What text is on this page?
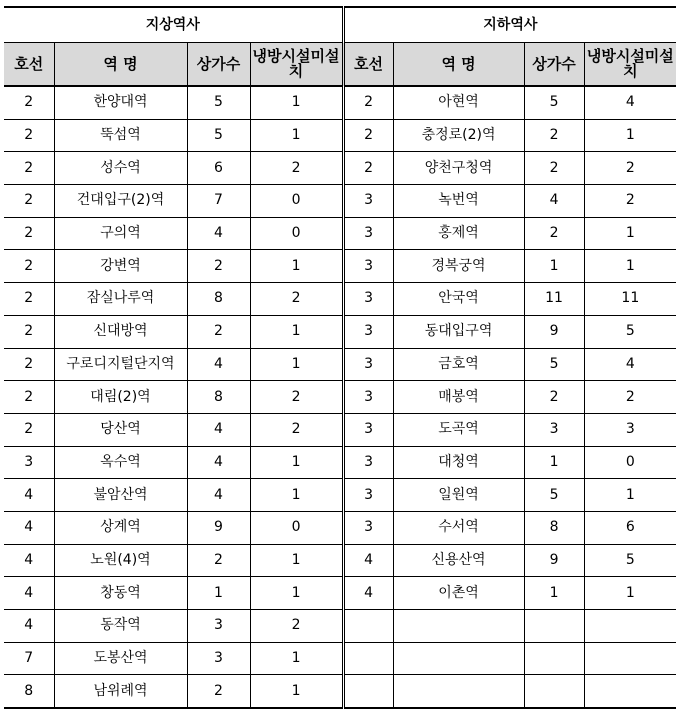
지상역사				지하역사			
호선	역 명	상가수	냉방시설미설치	호선	역 명	상가수	냉방시설미설치
2	한양대역	5	1	2	아현역	5	4
2	뚝섬역	5	1	2	충정로(2)역	2	1
2	성수역	6	2	2	양천구청역	2	2
2	건대입구(2)역	7	0	3	녹번역	4	2
2	구의역	4	0	3	홍제역	2	1
2	강변역	2	1	3	경복궁역	1	1
2	잠실나루역	8	2	3	안국역	11	11
2	신대방역	2	1	3	동대입구역	9	5
2	구로디지털단지역	4	1	3	금호역	5	4
2	대림(2)역	8	2	3	매봉역	2	2
2	당산역	4	2	3	도곡역	3	3
3	옥수역	4	1	3	대청역	1	0
4	불암산역	4	1	3	일원역	5	1
4	상계역	9	0	3	수서역	8	6
4	노원(4)역	2	1	4	신용산역	9	5
4	창동역	1	1	4	이촌역	1	1
4	동작역	3	2				
7	도봉산역	3	1				
8	남위례역	2	1				
